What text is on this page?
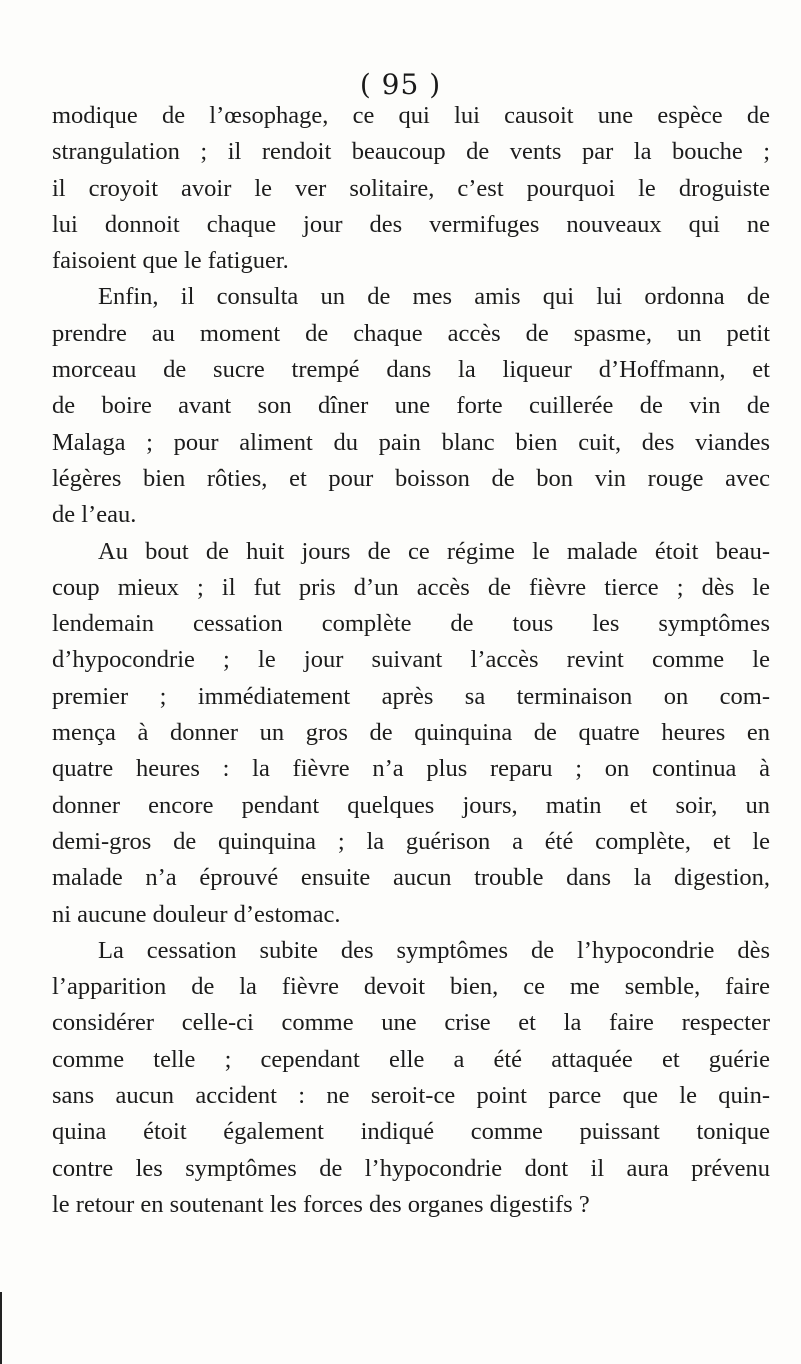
( 95 )
modique de l’œsophage, ce qui lui causoit une espèce de
strangulation ; il rendoit beaucoup de vents par la bouche ;
il croyoit avoir le ver solitaire, c’est pourquoi le droguiste
lui donnoit chaque jour des vermifuges nouveaux qui ne
faisoient que le fatiguer.
Enfin, il consulta un de mes amis qui lui ordonna de
prendre au moment de chaque accès de spasme, un petit
morceau de sucre trempé dans la liqueur d’Hoffmann, et
de boire avant son dîner une forte cuillerée de vin de
Malaga ; pour aliment du pain blanc bien cuit, des viandes
légères bien rôties, et pour boisson de bon vin rouge avec
de l’eau.
Au bout de huit jours de ce régime le malade étoit beau-
coup mieux ; il fut pris d’un accès de fièvre tierce ; dès le
lendemain cessation complète de tous les symptômes
d’hypocondrie ; le jour suivant l’accès revint comme le
premier ; immédiatement après sa terminaison on com-
mença à donner un gros de quinquina de quatre heures en
quatre heures : la fièvre n’a plus reparu ; on continua à
donner encore pendant quelques jours, matin et soir, un
demi-gros de quinquina ; la guérison a été complète, et le
malade n’a éprouvé ensuite aucun trouble dans la digestion,
ni aucune douleur d’estomac.
La cessation subite des symptômes de l’hypocondrie dès
l’apparition de la fièvre devoit bien, ce me semble, faire
considérer celle-ci comme une crise et la faire respecter
comme telle ; cependant elle a été attaquée et guérie
sans aucun accident : ne seroit-ce point parce que le quin-
quina étoit également indiqué comme puissant tonique
contre les symptômes de l’hypocondrie dont il aura prévenu
le retour en soutenant les forces des organes digestifs ?
